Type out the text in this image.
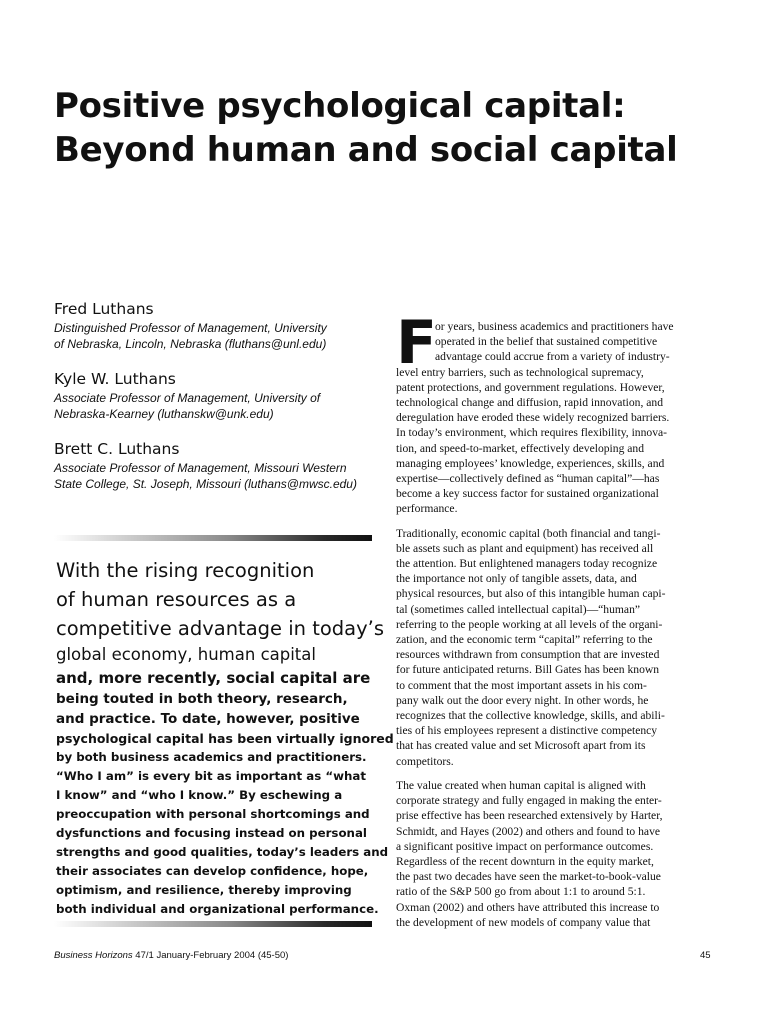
Positive psychological capital:
Beyond human and social capital
Fred Luthans
Distinguished Professor of Management, University
of Nebraska, Lincoln, Nebraska (fluthans@unl.edu)
Kyle W. Luthans
Associate Professor of Management, University of
Nebraska-Kearney (luthanskw@unk.edu)
Brett C. Luthans
Associate Professor of Management, Missouri Western
State College, St. Joseph, Missouri (luthans@mwsc.edu)
With the rising recognition
of human resources as a
competitive advantage in today’s
global economy, human capital
and, more recently, social capital are
being touted in both theory, research,
and practice. To date, however, positive
psychological capital has been virtually ignored
by both business academics and practitioners.
“Who I am” is every bit as important as “what
I know” and “who I know.” By eschewing a
preoccupation with personal shortcomings and
dysfunctions and focusing instead on personal
strengths and good qualities, today’s leaders and
their associates can develop confidence, hope,
optimism, and resilience, thereby improving
both individual and organizational performance.

F
or years, business academics and practitioners have
operated in the belief that sustained competitive
advantage could accrue from a variety of industry-
level entry barriers, such as technological supremacy,
patent protections, and government regulations. However,
technological change and diffusion, rapid innovation, and
deregulation have eroded these widely recognized barriers.
In today’s environment, which requires flexibility, innova-
tion, and speed-to-market, effectively developing and
managing employees’ knowledge, experiences, skills, and
expertise—collectively defined as “human capital”—has
become a key success factor for sustained organizational
performance.

Traditionally, economic capital (both financial and tangi-
ble assets such as plant and equipment) has received all
the attention. But enlightened managers today recognize
the importance not only of tangible assets, data, and
physical resources, but also of this intangible human capi-
tal (sometimes called intellectual capital)—“human”
referring to the people working at all levels of the organi-
zation, and the economic term “capital” referring to the
resources withdrawn from consumption that are invested
for future anticipated returns. Bill Gates has been known
to comment that the most important assets in his com-
pany walk out the door every night. In other words, he
recognizes that the collective knowledge, skills, and abili-
ties of his employees represent a distinctive competency
that has created value and set Microsoft apart from its
competitors.

The value created when human capital is aligned with
corporate strategy and fully engaged in making the enter-
prise effective has been researched extensively by Harter,
Schmidt, and Hayes (2002) and others and found to have
a significant positive impact on performance outcomes.
Regardless of the recent downturn in the equity market,
the past two decades have seen the market-to-book-value
ratio of the S&P 500 go from about 1:1 to around 5:1.
Oxman (2002) and others have attributed this increase to
the development of new models of company value that

Business Horizons 47/1 January-February 2004 (45-50)	45
